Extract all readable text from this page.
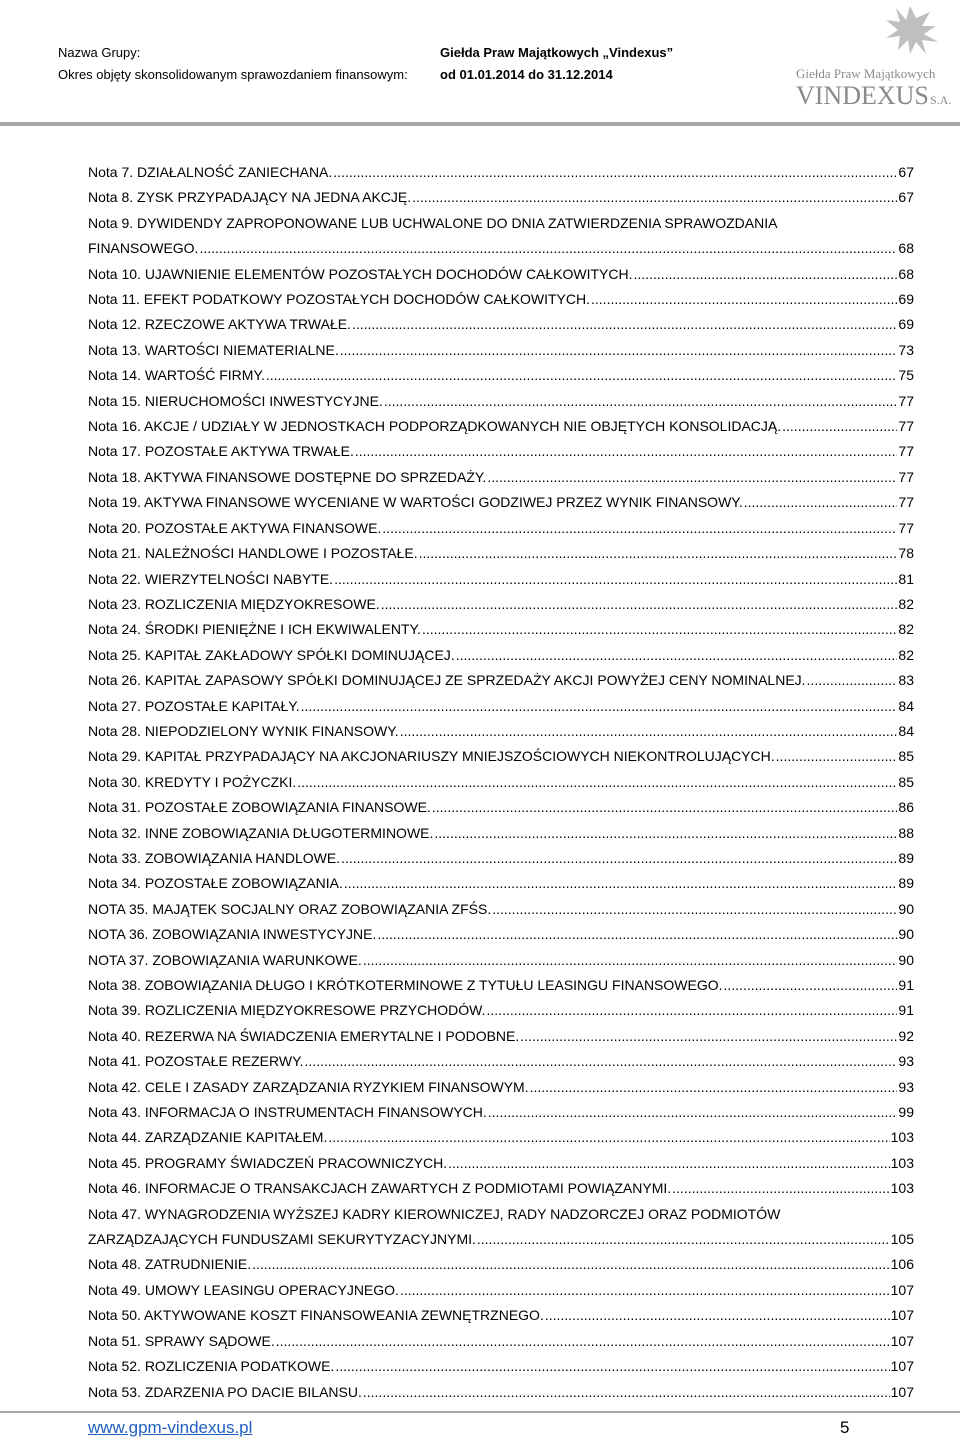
Nazwa Grupy:
Okres objęty skonsolidowanym sprawozdaniem finansowym:
Giełda Praw Majątkowych „Vindexus”
od 01.01.2014 do 31.12.2014	Giełda Praw Majątkowych
VINDEXUS S.A.
Nota 7. DZIAŁALNOŚĆ ZANIECHANA. .....	67
Nota 8. ZYSK PRZYPADAJĄCY NA JEDNA AKCJĘ. .....	67
Nota 9. DYWIDENDY ZAPROPONOWANE LUB UCHWALONE DO DNIA ZATWIERDZENIA SPRAWOZDANIA
FINANSOWEGO. .....	68
Nota 10. UJAWNIENIE ELEMENTÓW POZOSTAŁYCH DOCHODÓW CAŁKOWITYCH. .....	68
Nota 11. EFEKT PODATKOWY POZOSTAŁYCH DOCHODÓW CAŁKOWITYCH. .....	69
Nota 12. RZECZOWE AKTYWA TRWAŁE. .....	69
Nota 13. WARTOŚCI NIEMATERIALNE. .....	73
Nota 14. WARTOŚĆ FIRMY. .....	75
Nota 15. NIERUCHOMOŚCI INWESTYCYJNE. .....	77
Nota 16. AKCJE / UDZIAŁY W JEDNOSTKACH PODPORZĄDKOWANYCH NIE OBJĘTYCH KONSOLIDACJĄ. .....	77
Nota 17. POZOSTAŁE AKTYWA TRWAŁE. .....	77
Nota 18. AKTYWA FINANSOWE DOSTĘPNE DO SPRZEDAŻY. .....	77
Nota 19. AKTYWA FINANSOWE WYCENIANE W WARTOŚCI GODZIWEJ PRZEZ WYNIK FINANSOWY. .....	77
Nota 20. POZOSTAŁE AKTYWA FINANSOWE. .....	77
Nota 21. NALEŻNOŚCI HANDLOWE I POZOSTAŁE. .....	78
Nota 22. WIERZYTELNOŚCI NABYTE. .....	81
Nota 23. ROZLICZENIA MIĘDZYOKRESOWE. .....	82
Nota 24. ŚRODKI PIENIĘŻNE I ICH EKWIWALENTY. .....	82
Nota 25. KAPITAŁ ZAKŁADOWY SPÓŁKI DOMINUJĄCEJ. .....	82
Nota 26. KAPITAŁ ZAPASOWY SPÓŁKI DOMINUJĄCEJ ZE SPRZEDAŻY AKCJI POWYŻEJ CENY NOMINALNEJ. .....	83
Nota 27. POZOSTAŁE KAPITAŁY. .....	84
Nota 28. NIEPODZIELONY WYNIK FINANSOWY. .....	84
Nota 29. KAPITAŁ PRZYPADAJĄCY NA AKCJONARIUSZY MNIEJSZOŚCIOWYCH NIEKONTROLUJĄCYCH. .....	85
Nota 30. KREDYTY I POŻYCZKI. .....	85
Nota 31. POZOSTAŁE ZOBOWIĄZANIA FINANSOWE. .....	86
Nota 32. INNE ZOBOWIĄZANIA DŁUGOTERMINOWE. .....	88
Nota 33. ZOBOWIĄZANIA HANDLOWE. .....	89
Nota 34. POZOSTAŁE ZOBOWIĄZANIA. .....	89
NOTA 35. MAJĄTEK SOCJALNY ORAZ ZOBOWIĄZANIA ZFŚS. .....	90
NOTA 36. ZOBOWIĄZANIA INWESTYCYJNE. .....	90
NOTA 37. ZOBOWIĄZANIA WARUNKOWE. .....	90
Nota 38. ZOBOWIĄZANIA DŁUGO I KRÓTKOTERMINOWE Z TYTUŁU LEASINGU FINANSOWEGO. .....	91
Nota 39. ROZLICZENIA MIĘDZYOKRESOWE PRZYCHODÓW. .....	91
Nota 40. REZERWA NA ŚWIADCZENIA EMERYTALNE I PODOBNE. .....	92
Nota 41. POZOSTAŁE REZERWY. .....	93
Nota 42. CELE I ZASADY ZARZĄDZANIA RYZYKIEM FINANSOWYM. .....	93
Nota 43. INFORMACJA O INSTRUMENTACH FINANSOWYCH. .....	99
Nota 44. ZARZĄDZANIE KAPITAŁEM. .....	103
Nota 45. PROGRAMY ŚWIADCZEŃ PRACOWNICZYCH. .....	103
Nota 46. INFORMACJE O TRANSAKCJACH ZAWARTYCH Z PODMIOTAMI POWIĄZANYMI. .....	103
Nota 47. WYNAGRODZENIA WYŻSZEJ KADRY KIEROWNICZEJ, RADY NADZORCZEJ ORAZ PODMIOTÓW
ZARZĄDZAJĄCYCH FUNDUSZAMI SEKURYTYZACYJNYMI. .....	105
Nota 48. ZATRUDNIENIE. .....	106
Nota 49. UMOWY LEASINGU OPERACYJNEGO. .....	107
Nota 50. AKTYWOWANE KOSZT FINANSOWEANIA ZEWNĘTRZNEGO. .....	107
Nota 51. SPRAWY SĄDOWE. .....	107
Nota 52. ROZLICZENIA PODATKOWE. .....	107
Nota 53. ZDARZENIA PO DACIE BILANSU. .....	107
www.gpm-vindexus.pl	5
